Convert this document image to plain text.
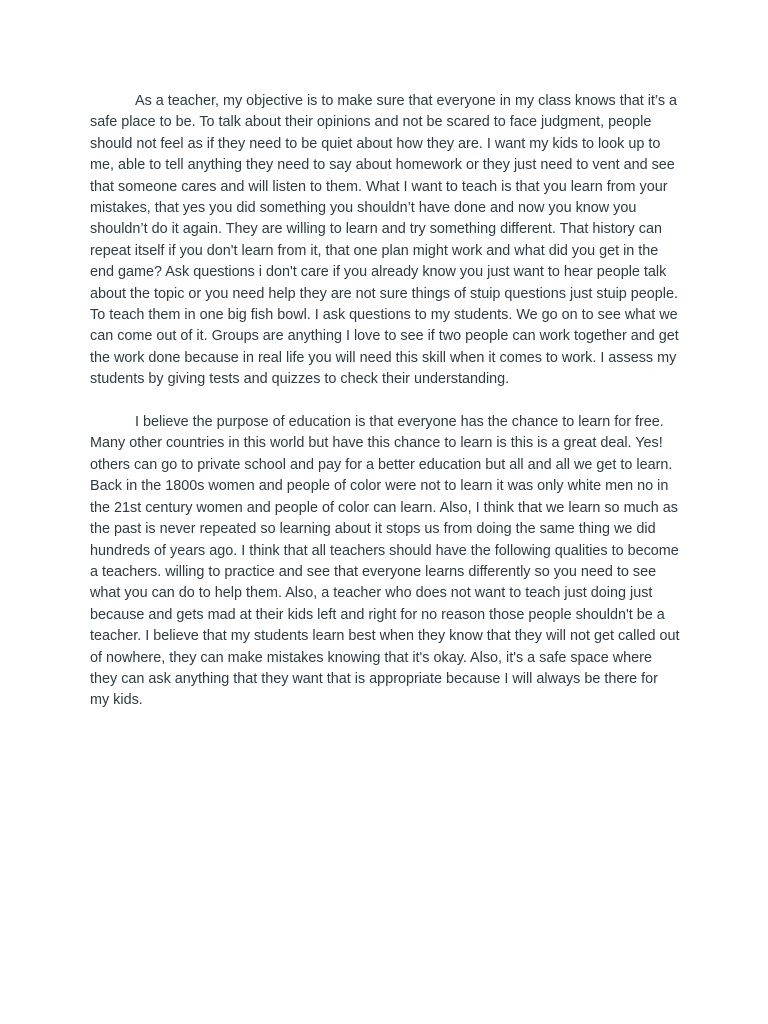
As a teacher, my objective is to make sure that everyone in my class knows that it’s a safe place to be. To talk about their opinions and not be scared to face judgment, people should not feel as if they need to be quiet about how they are. I want my kids to look up to me, able to tell anything they need to say about homework or they just need to vent and see that someone cares and will listen to them. What I want to teach is that you learn from your mistakes, that yes you did something you shouldn’t have done and now you know you shouldn’t do it again. They are willing to learn and try something different. That history can repeat itself if you don't learn from it, that one plan might work and what did you get in the end game? Ask questions i don't care if you already know you just want to hear people talk about the topic or you need help they are not sure things of stuip questions just stuip people. To teach them in one big fish bowl. I ask questions to my students. We go on to see what we can come out of it. Groups are anything I love to see if two people can work together and get the work done because in real life you will need this skill when it comes to work. I assess my students by giving tests and quizzes to check their understanding.

I believe the purpose of education is that everyone has the chance to learn for free. Many other countries in this world but have this chance to learn is this is a great deal. Yes! others can go to private school and pay for a better education but all and all we get to learn. Back in the 1800s women and people of color were not to learn it was only white men no in the 21st century women and people of color can learn. Also, I think that we learn so much as the past is never repeated so learning about it stops us from doing the same thing we did hundreds of years ago. I think that all teachers should have the following qualities to become a teachers. willing to practice and see that everyone learns differently so you need to see what you can do to help them. Also, a teacher who does not want to teach just doing just because and gets mad at their kids left and right for no reason those people shouldn't be a teacher. I believe that my students learn best when they know that they will not get called out of nowhere, they can make mistakes knowing that it's okay. Also, it's a safe space where they can ask anything that they want that is appropriate because I will always be there for my kids.
